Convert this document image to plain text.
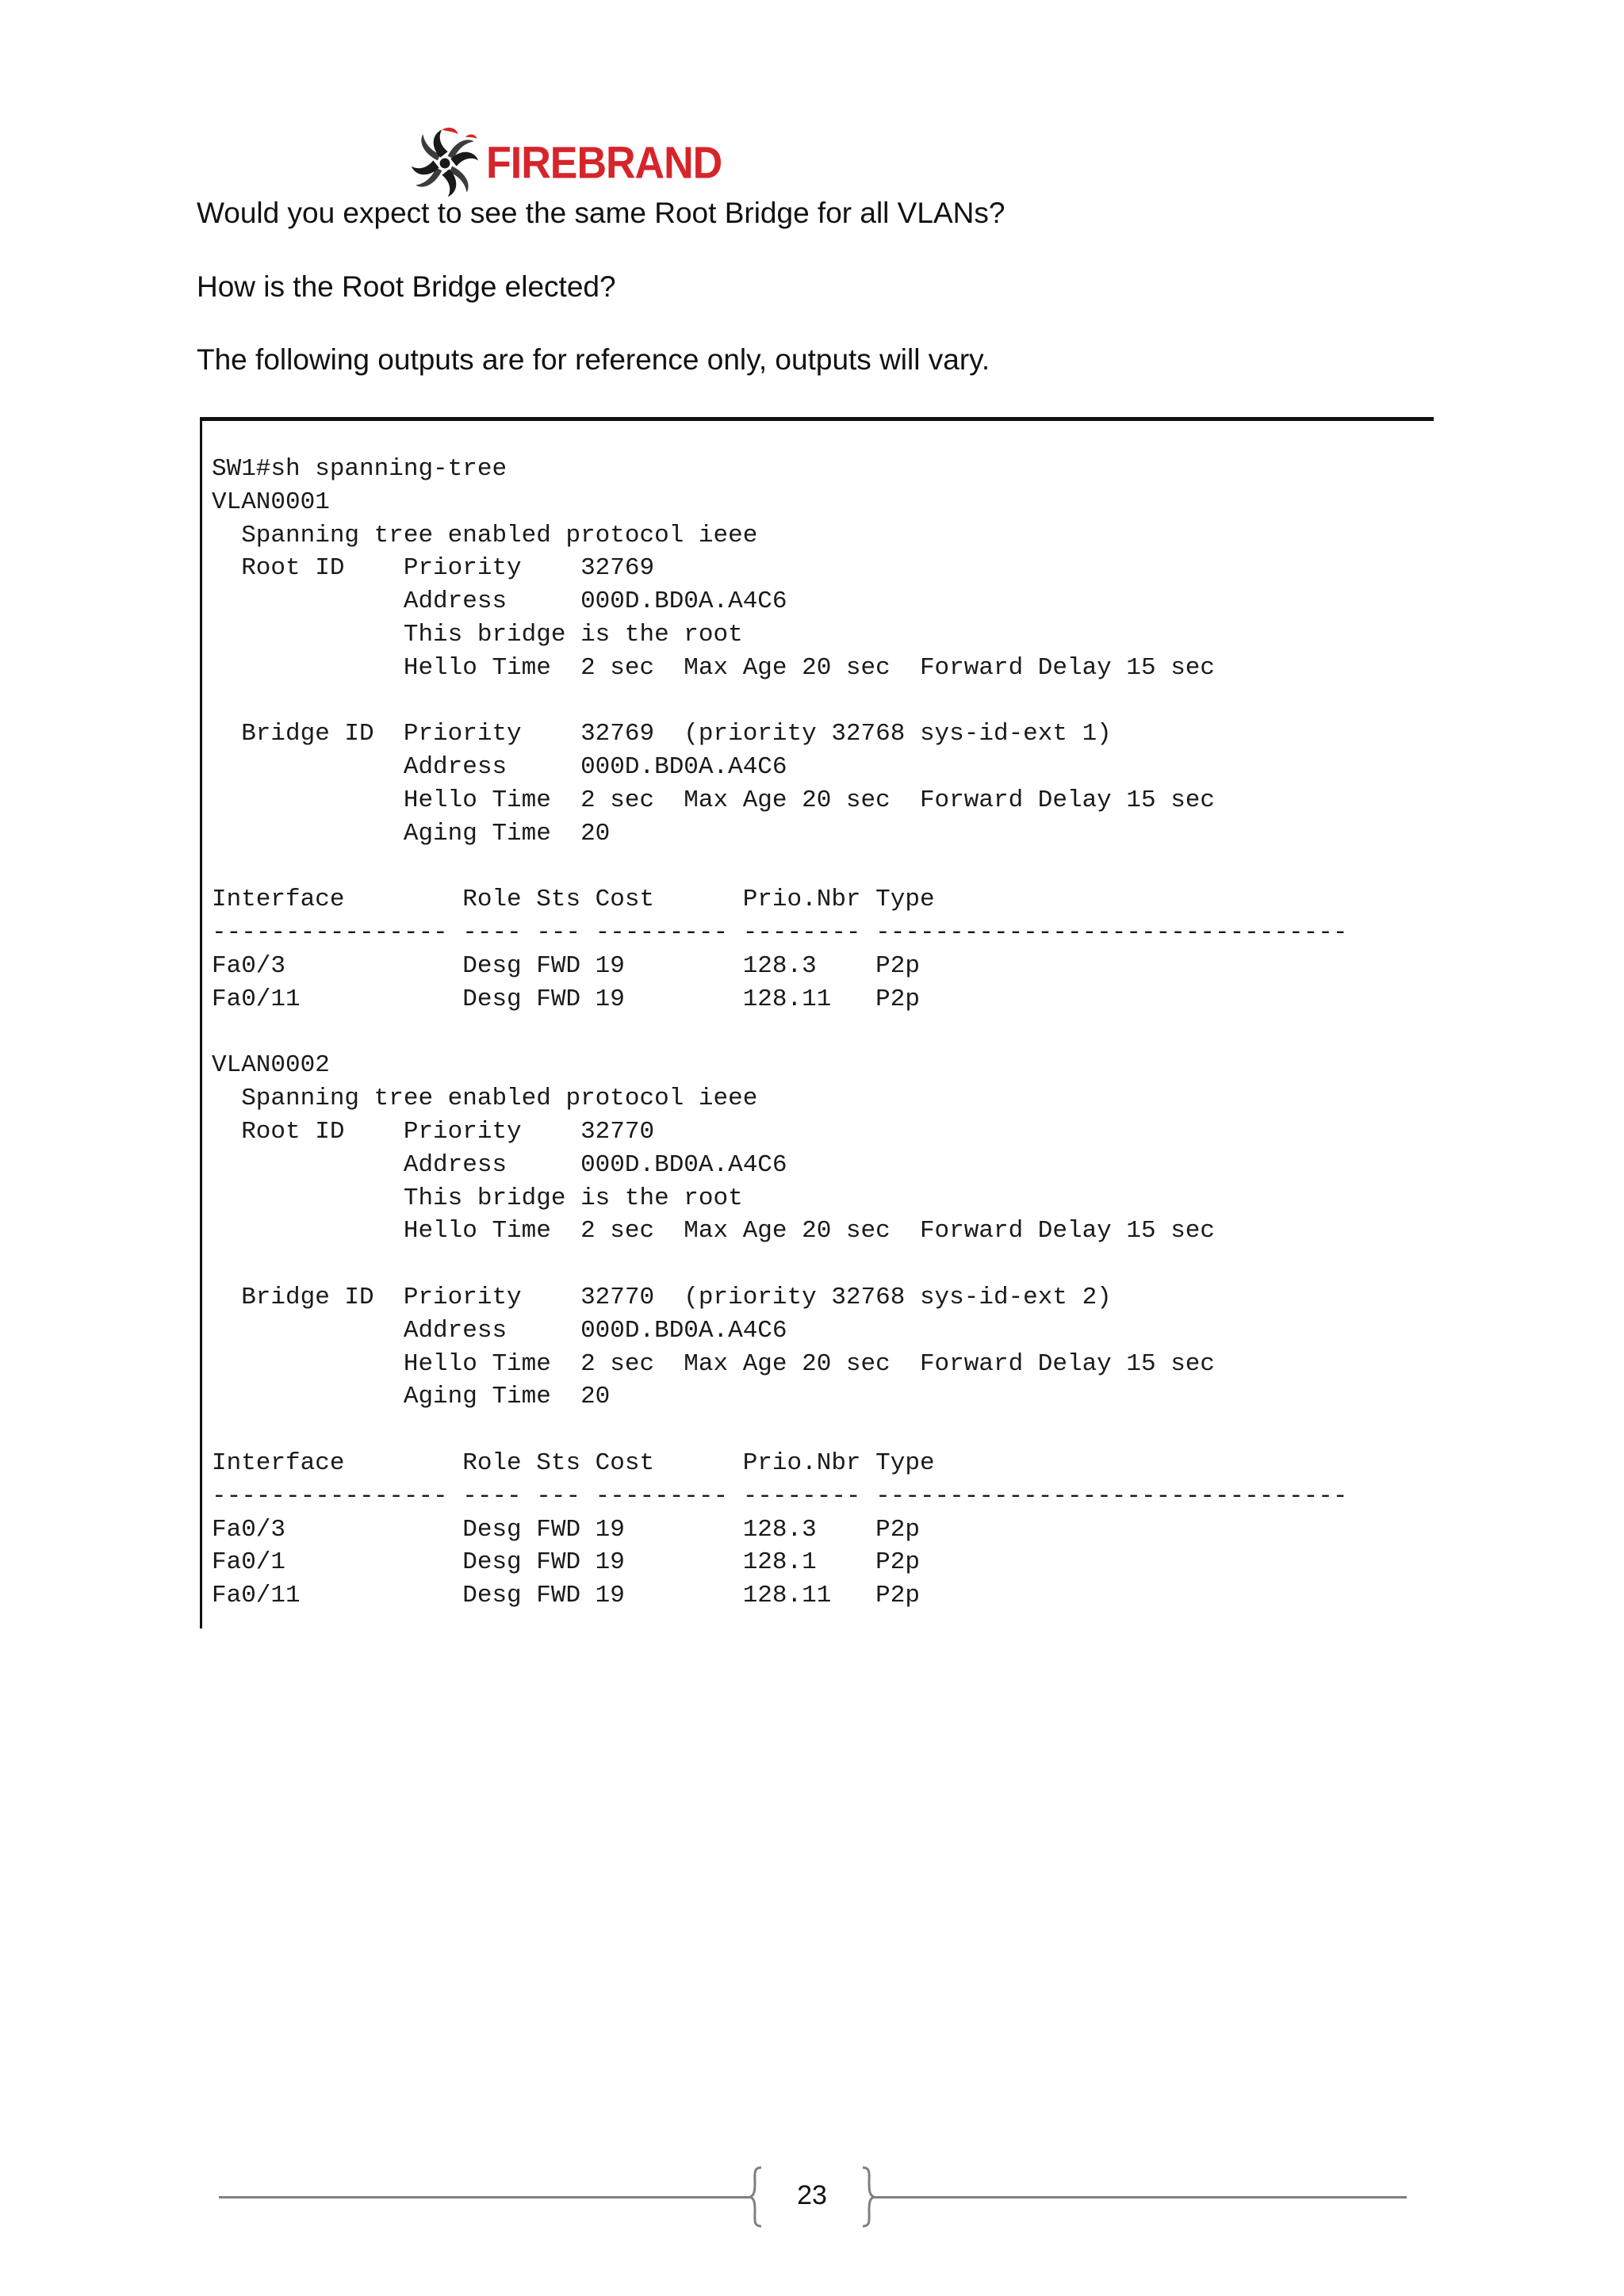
FIREBRAND
Would you expect to see the same Root Bridge for all VLANs?
How is the Root Bridge elected?
The following outputs are for reference only, outputs will vary.
SW1#sh spanning-tree
VLAN0001
Spanning tree enabled protocol ieee
Root ID    Priority    32769
Address     000D.BD0A.A4C6
This bridge is the root
Hello Time  2 sec  Max Age 20 sec  Forward Delay 15 sec

Bridge ID  Priority    32769  (priority 32768 sys-id-ext 1)
Address     000D.BD0A.A4C6
Hello Time  2 sec  Max Age 20 sec  Forward Delay 15 sec
Aging Time  20

Interface        Role Sts Cost      Prio.Nbr Type
---------------- ---- --- --------- -------- --------------------------------
Fa0/3            Desg FWD 19        128.3    P2p
Fa0/11           Desg FWD 19        128.11   P2p

VLAN0002
Spanning tree enabled protocol ieee
Root ID    Priority    32770
Address     000D.BD0A.A4C6
This bridge is the root
Hello Time  2 sec  Max Age 20 sec  Forward Delay 15 sec

Bridge ID  Priority    32770  (priority 32768 sys-id-ext 2)
Address     000D.BD0A.A4C6
Hello Time  2 sec  Max Age 20 sec  Forward Delay 15 sec
Aging Time  20

Interface        Role Sts Cost      Prio.Nbr Type
---------------- ---- --- --------- -------- --------------------------------
Fa0/3            Desg FWD 19        128.3    P2p
Fa0/1            Desg FWD 19        128.1    P2p
Fa0/11           Desg FWD 19        128.11   P2p

23
